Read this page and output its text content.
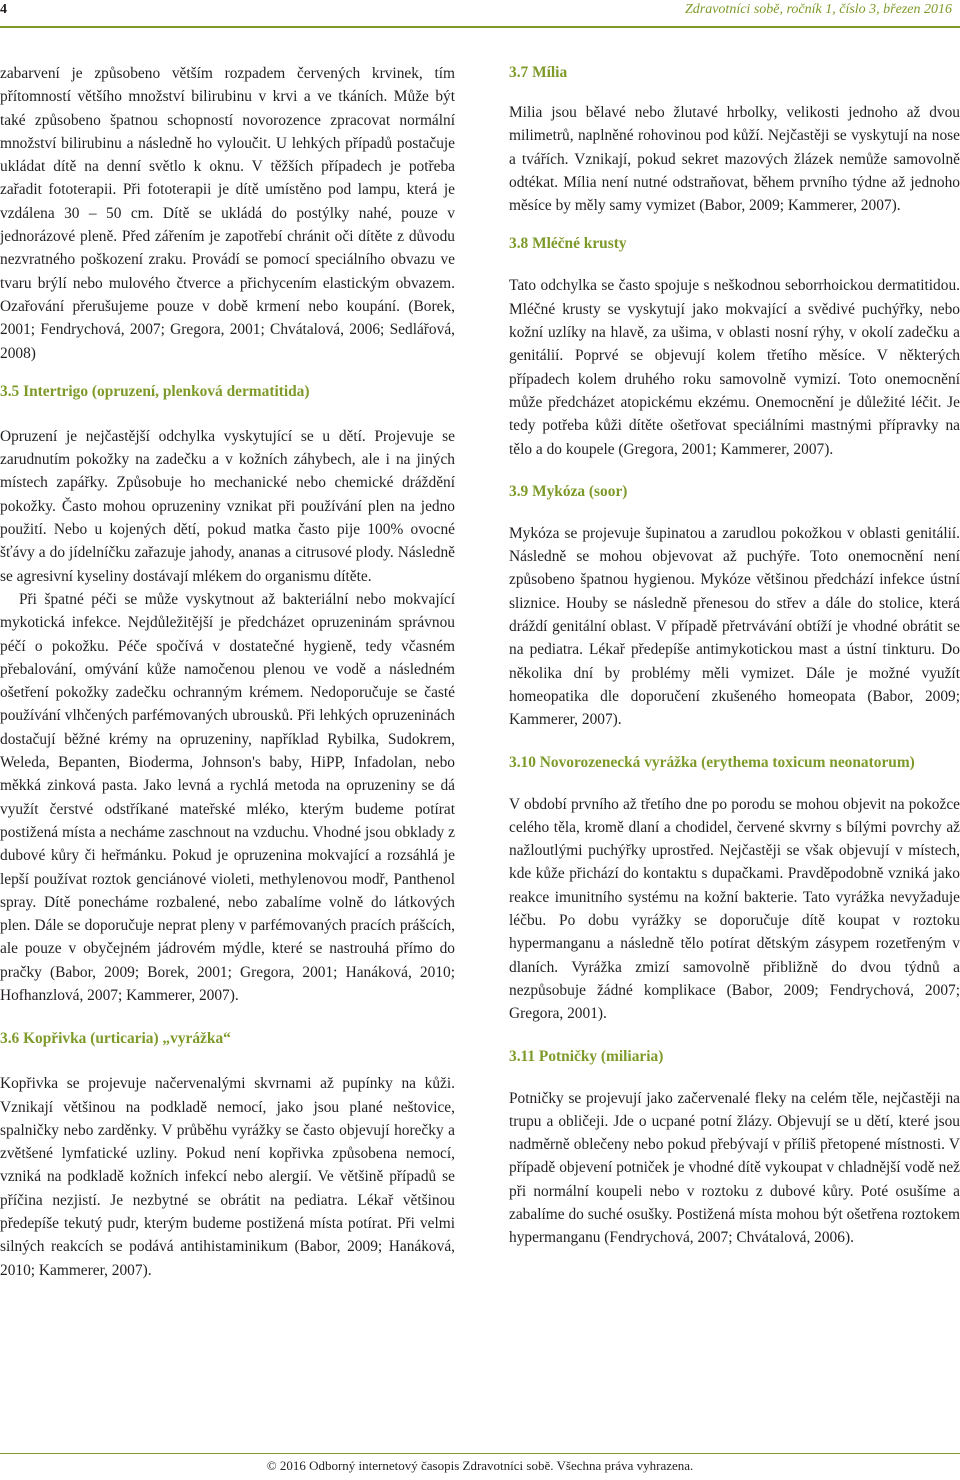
4	Zdravotníci sobě, ročník 1, číslo 3, březen 2016

zabarvení je způsobeno větším rozpadem červených krvinek, tím přítomností většího množství bilirubinu v krvi a ve tkáních. Může být také způsobeno špatnou schopností novorozence zpracovat normální množství bilirubinu a následně ho vyloučit. U lehkých případů postačuje ukládat dítě na denní světlo k oknu. V těžších případech je potřeba zařadit fototerapii. Při fototerapii je dítě umístěno pod lampu, která je vzdálena 30 – 50 cm. Dítě se ukládá do postýlky nahé, pouze v jednorázové pleně. Před zářením je zapotřebí chránit oči dítěte z důvodu nezvratného poškození zraku. Provádí se pomocí speciálního obvazu ve tvaru brýlí nebo mulového čtverce a přichycením elastickým obvazem. Ozařování přerušujeme pouze v době krmení nebo koupání. (Borek, 2001; Fendrychová, 2007; Gregora, 2001; Chvátalová, 2006; Sedlářová, 2008)

3.5 Intertrigo (opruzení, plenková dermatitida)

Opruzení je nejčastější odchylka vyskytující se u dětí. Projevuje se zarudnutím pokožky na zadečku a v kožních záhybech, ale i na jiných místech zapářky. Způsobuje ho mechanické nebo chemické dráždění pokožky. Často mohou opruzeniny vznikat při používání plen na jedno použití. Nebo u kojených dětí, pokud matka často pije 100% ovocné šťávy a do jídelníčku zařazuje jahody, ananas a citrusové plody. Následně se agresivní kyseliny dostávají mlékem do organismu dítěte.

Při špatné péči se může vyskytnout až bakteriální nebo mokvající mykotická infekce. Nejdůležitější je předcházet opruzeninám správnou péčí o pokožku. Péče spočívá v dostatečné hygieně, tedy včasném přebalování, omývání kůže namočenou plenou ve vodě a následném ošetření pokožky zadečku ochranným krémem. Nedoporučuje se časté používání vlhčených parfémovaných ubrousků. Při lehkých opruzeninách dostačují běžné krémy na opruzeniny, například Rybilka, Sudokrem, Weleda, Bepanten, Bioderma, Johnson's baby, HiPP, Infadolan, nebo měkká zinková pasta. Jako levná a rychlá metoda na opruzeniny se dá využít čerstvé odstříkané mateřské mléko, kterým budeme potírat postižená místa a necháme zaschnout na vzduchu. Vhodné jsou obklady z dubové kůry či heřmánku. Pokud je opruzenina mokvající a rozsáhlá je lepší používat roztok genciánové violeti, methylenovou modř, Panthenol spray. Dítě ponecháme rozbalené, nebo zabalíme volně do látkových plen. Dále se doporučuje neprat pleny v parfémovaných pracích prášcích, ale pouze v obyčejném jádrovém mýdle, které se nastrouhá přímo do pračky (Babor, 2009; Borek, 2001; Gregora, 2001; Hanáková, 2010; Hofhanzlová, 2007; Kammerer, 2007).

3.6 Kopřivka (urticaria) „vyrážka“

Kopřivka se projevuje načervenalými skvrnami až pupínky na kůži. Vznikají většinou na podkladě nemocí, jako jsou plané neštovice, spalničky nebo zarděnky. V průběhu vyrážky se často objevují horečky a zvětšené lymfatické uzliny. Pokud není kopřivka způsobena nemocí, vzniká na podkladě kožních infekcí nebo alergií. Ve většině případů se příčina nezjistí. Je nezbytné se obrátit na pediatra. Lékař většinou předepíše tekutý pudr, kterým budeme postižená místa potírat. Při velmi silných reakcích se podává antihistaminikum (Babor, 2009; Hanáková, 2010; Kammerer, 2007).

3.7 Mília

Milia jsou bělavé nebo žlutavé hrbolky, velikosti jednoho až dvou milimetrů, naplněné rohovinou pod kůží. Nejčastěji se vyskytují na nose a tvářích. Vznikají, pokud sekret mazových žlázek nemůže samovolně odtékat. Mília není nutné odstraňovat, během prvního týdne až jednoho měsíce by měly samy vymizet (Babor, 2009; Kammerer, 2007).

3.8 Mléčné krusty

Tato odchylka se často spojuje s neškodnou seborrhoickou dermatitidou. Mléčné krusty se vyskytují jako mokvající a svědivé puchýřky, nebo kožní uzlíky na hlavě, za ušima, v oblasti nosní rýhy, v okolí zadečku a genitálií. Poprvé se objevují kolem třetího měsíce. V některých případech kolem druhého roku samovolně vymizí. Toto onemocnění může předcházet atopickému ekzému. Onemocnění je důležité léčit. Je tedy potřeba kůži dítěte ošetřovat speciálními mastnými přípravky na tělo a do koupele (Gregora, 2001; Kammerer, 2007).

3.9 Mykóza (soor)

Mykóza se projevuje šupinatou a zarudlou pokožkou v oblasti genitálií. Následně se mohou objevovat až puchýře. Toto onemocnění není způsobeno špatnou hygienou. Mykóze většinou předchází infekce ústní sliznice. Houby se následně přenesou do střev a dále do stolice, která dráždí genitální oblast. V případě přetrvávání obtíží je vhodné obrátit se na pediatra. Lékař předepíše antimykotickou mast a ústní tinkturu. Do několika dní by problémy měli vymizet. Dále je možné využít homeopatika dle doporučení zkušeného homeopata (Babor, 2009; Kammerer, 2007).

3.10 Novorozenecká vyrážka (erythema toxicum neonatorum)

V období prvního až třetího dne po porodu se mohou objevit na pokožce celého těla, kromě dlaní a chodidel, červené skvrny s bílými povrchy až nažloutlými puchýřky uprostřed. Nejčastěji se však objevují v místech, kde kůže přichází do kontaktu s dupačkami. Pravděpodobně vzniká jako reakce imunitního systému na kožní bakterie. Tato vyrážka nevyžaduje léčbu. Po dobu vyrážky se doporučuje dítě koupat v roztoku hypermanganu a následně tělo potírat dětským zásypem rozetřeným v dlaních. Vyrážka zmizí samovolně přibližně do dvou týdnů a nezpůsobuje žádné komplikace (Babor, 2009; Fendrychová, 2007; Gregora, 2001).

3.11 Potničky (miliaria)

Potničky se projevují jako začervenalé fleky na celém těle, nejčastěji na trupu a obličeji. Jde o ucpané potní žlázy. Objevují se u dětí, které jsou nadměrně oblečeny nebo pokud přebývají v příliš přetopené místnosti. V případě objevení potniček je vhodné dítě vykoupat v chladnější vodě než při normální koupeli nebo v roztoku z dubové kůry. Poté osušíme a zabalíme do suché osušky. Postižená místa mohou být ošetřena roztokem hypermanganu (Fendrychová, 2007; Chvátalová, 2006).

© 2016 Odborný internetový časopis Zdravotníci sobě. Všechna práva vyhrazena.
